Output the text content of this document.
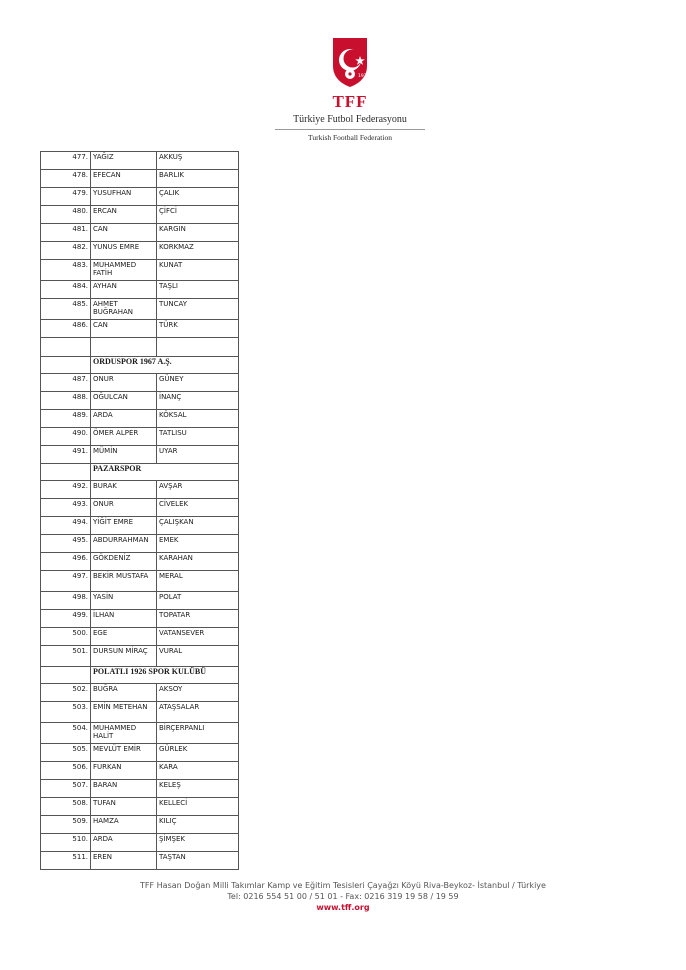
1923
TFF
Türkiye Futbol Federasyonu
Turkish Football Federation
477.	YAĞIZ	AKKUŞ
478.	EFECAN	BARLIK
479.	YUSUFHAN	ÇALIK
480.	ERCAN	ÇİFCİ
481.	CAN	KARGIN
482.	YUNUS EMRE	KORKMAZ
483.	MUHAMMED FATİH	KUNAT
484.	AYHAN	TAŞLI
485.	AHMET BUĞRAHAN	TUNCAY
486.	CAN	TÜRK

	ORDUSPOR 1967 A.Ş.	
487.	ONUR	GÜNEY
488.	OĞULCAN	İNANÇ
489.	ARDA	KÖKSAL
490.	ÖMER ALPER	TATLISU
491.	MÜMİN	UYAR
	PAZARSPOR	
492.	BURAK	AVŞAR
493.	ONUR	CİVELEK
494.	YİĞİT EMRE	ÇALIŞKAN
495.	ABDURRAHMAN	EMEK
496.	GÖKDENİZ	KARAHAN
497.	BEKİR MUSTAFA	MERAL
498.	YASİN	POLAT
499.	İLHAN	TOPATAR
500.	EGE	VATANSEVER
501.	DURSUN MİRAÇ	VURAL
	POLATLI 1926 SPOR KULÜBÜ	
502.	BUĞRA	AKSOY
503.	EMİN METEHAN	ATAŞSALAR
504.	MUHAMMED HALİT	BİRÇERPANLI
505.	MEVLÜT EMİR	GÜRLEK
506.	FURKAN	KARA
507.	BARAN	KELEŞ
508.	TUFAN	KELLECİ
509.	HAMZA	KILIÇ
510.	ARDA	ŞİMŞEK
511.	EREN	TAŞTAN
TFF Hasan Doğan Milli Takımlar Kamp ve Eğitim Tesisleri Çayağzı Köyü Riva-Beykoz- İstanbul / Türkiye
Tel: 0216 554 51 00 / 51 01 - Fax: 0216 319 19 58 / 19 59
www.tff.org
